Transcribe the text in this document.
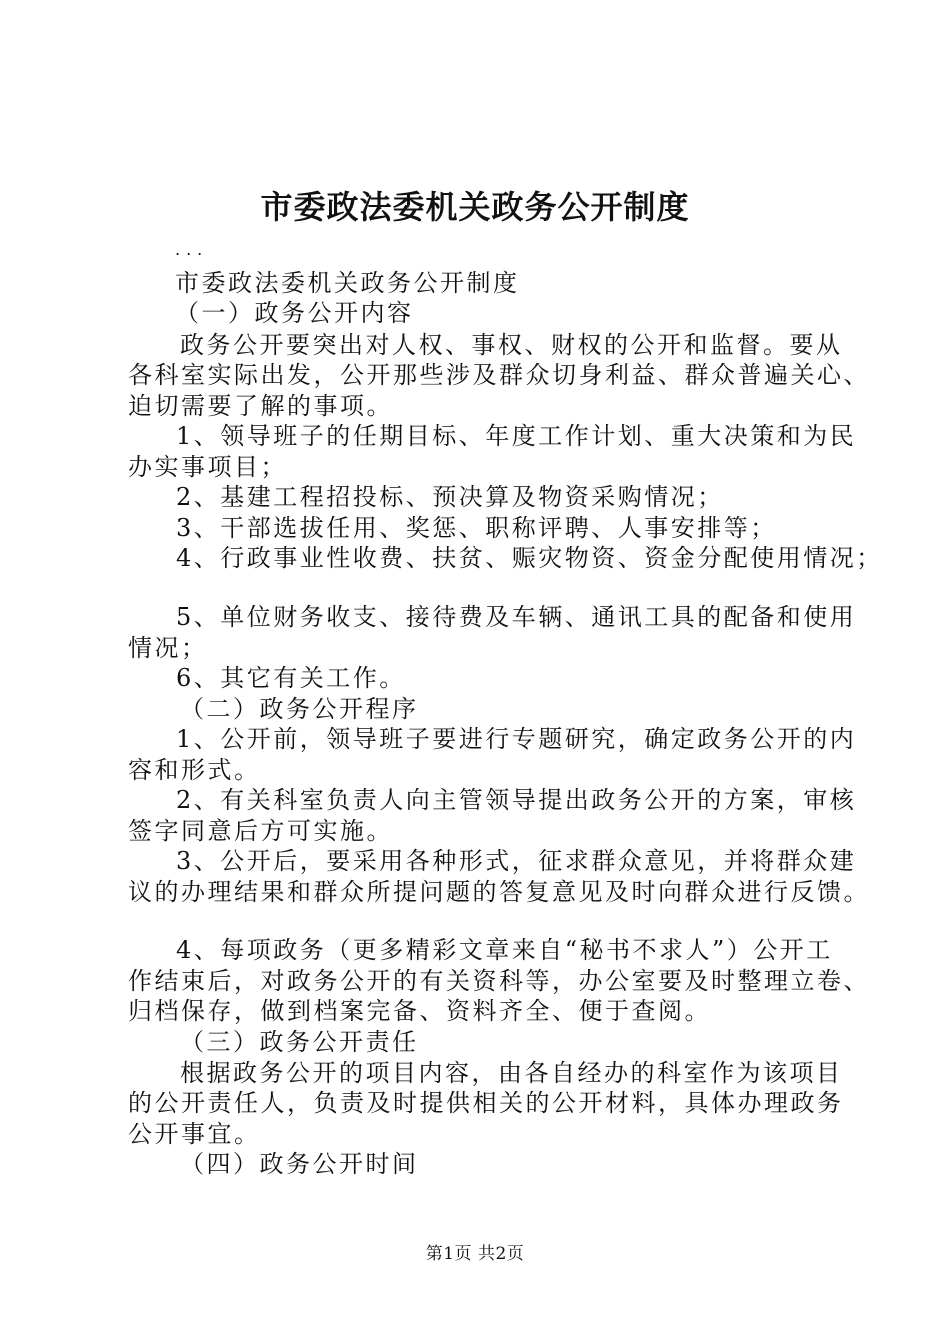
市委政法委机关政务公开制度
...
市委政法委机关政务公开制度
（一）政务公开内容
政务公开要突出对人权、事权、财权的公开和监督。要从
各科室实际出发，公开那些涉及群众切身利益、群众普遍关心、
迫切需要了解的事项。
1、领导班子的任期目标、年度工作计划、重大决策和为民
办实事项目；
2、基建工程招投标、预决算及物资采购情况；
3、干部选拔任用、奖惩、职称评聘、人事安排等；
4、行政事业性收费、扶贫、赈灾物资、资金分配使用情况；
5、单位财务收支、接待费及车辆、通讯工具的配备和使用
情况；
6、其它有关工作。
（二）政务公开程序
1、公开前，领导班子要进行专题研究，确定政务公开的内
容和形式。
2、有关科室负责人向主管领导提出政务公开的方案，审核
签字同意后方可实施。
3、公开后，要采用各种形式，征求群众意见，并将群众建
议的办理结果和群众所提问题的答复意见及时向群众进行反馈。
4、每项政务（更多精彩文章来自“秘书不求人”）公开工
作结束后，对政务公开的有关资科等，办公室要及时整理立卷、
归档保存，做到档案完备、资料齐全、便于查阅。
（三）政务公开责任
根据政务公开的项目内容，由各自经办的科室作为该项目
的公开责任人，负责及时提供相关的公开材料，具体办理政务
公开事宜。
（四）政务公开时间
第1页 共2页
